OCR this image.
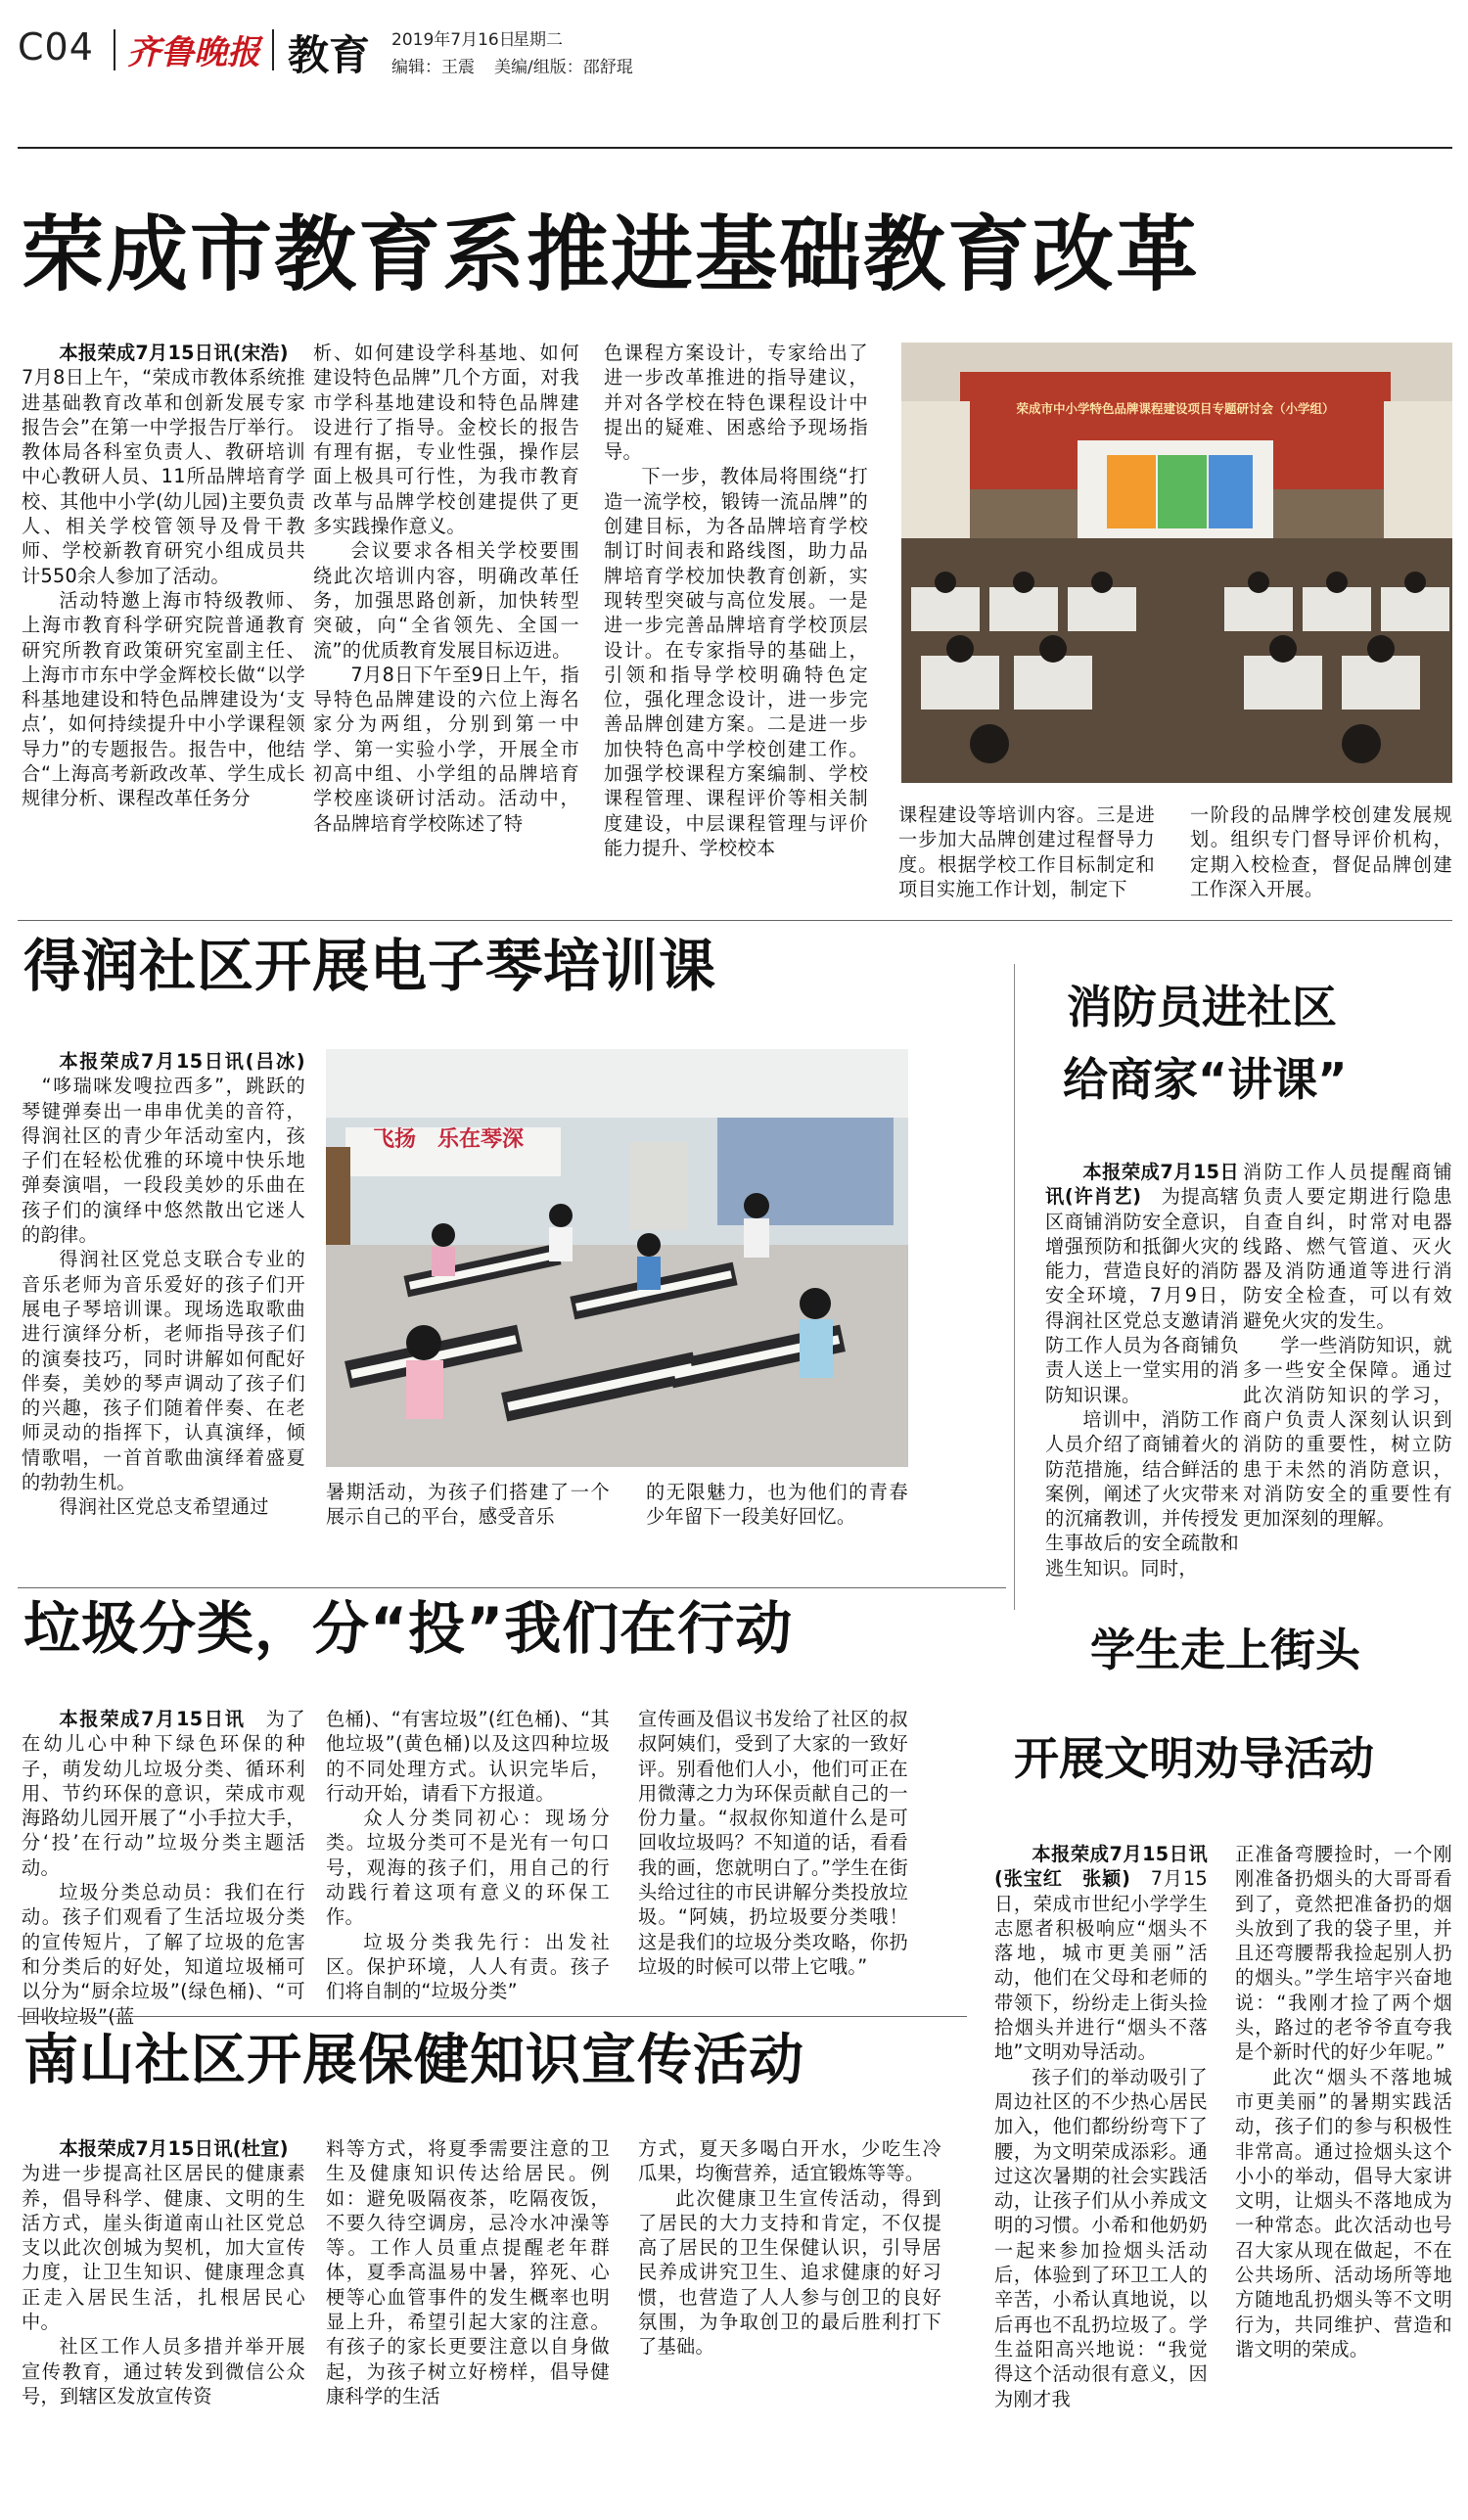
C04 齐鲁晚报 教育 2019年7月16日
星期二
编辑：王震 美编/组版：邵舒琨
荣成市教育系推进基础教育改革

本报荣成7月15日讯(宋浩)　7月8日上午，“荣成市教体系统推进基础教育改革和创新发展专家报告会”在第一中学报告厅举行。教体局各科室负责人、教研培训中心教研人员、11所品牌培育学校、其他中小学(幼儿园)主要负责人、相关学校管领导及骨干教师、学校新教育研究小组成员共计550余人参加了活动。

活动特邀上海市特级教师、上海市教育科学研究院普通教育研究所教育政策研究室副主任、上海市市东中学金辉校长做“以学科基地建设和特色品牌建设为‘支点’，如何持续提升中小学课程领导力”的专题报告。报告中，他结合“上海高考新政改革、学生成长规律分析、课程改革任务分

析、如何建设学科基地、如何建设特色品牌”几个方面，对我市学科基地建设和特色品牌建设进行了指导。金校长的报告有理有据，专业性强，操作层面上极具可行性，为我市教育改革与品牌学校创建提供了更多实践操作意义。

会议要求各相关学校要围绕此次培训内容，明确改革任务，加强思路创新，加快转型突破，向“全省领先、全国一流”的优质教育发展目标迈进。

7月8日下午至9日上午，指导特色品牌建设的六位上海名家分为两组，分别到第一中学、第一实验小学，开展全市初高中组、小学组的品牌培育学校座谈研讨活动。活动中，各品牌培育学校陈述了特

色课程方案设计，专家给出了进一步改革推进的指导建议，并对各学校在特色课程设计中提出的疑难、困惑给予现场指导。

下一步，教体局将围绕“打造一流学校，锻铸一流品牌”的创建目标，为各品牌培育学校制订时间表和路线图，助力品牌培育学校加快教育创新，实现转型突破与高位发展。一是进一步完善品牌培育学校顶层设计。在专家指导的基础上，引领和指导学校明确特色定位，强化理念设计，进一步完善品牌创建方案。二是进一步加快特色高中学校创建工作。加强学校课程方案编制、学校课程管理、课程评价等相关制度建设，中层课程管理与评价能力提升、学校校本

课程建设等培训内容。三是进一步加大品牌创建过程督导力度。根据学校工作目标制定和项目实施工作计划，制定下

一阶段的品牌学校创建发展规划。组织专门督导评价机构，定期入校检查，督促品牌创建工作深入开展。

荣成市中小学特色品牌课程建设项目专题研讨会（小学组）
得润社区开展电子琴培训课

本报荣成7月15日讯(吕冰)　“哆瑞咪发嗖拉西多”，跳跃的琴键弹奏出一串串优美的音符，得润社区的青少年活动室内，孩子们在轻松优雅的环境中快乐地弹奏演唱，一段段美妙的乐曲在孩子们的演绎中悠然散出它迷人的韵律。

得润社区党总支联合专业的音乐老师为音乐爱好的孩子们开展电子琴培训课。现场选取歌曲进行演绎分析，老师指导孩子们的演奏技巧，同时讲解如何配好伴奏，美妙的琴声调动了孩子们的兴趣，孩子们随着伴奏、在老师灵动的指挥下，认真演绎，倾情歌唱，一首首歌曲演绎着盛夏的勃勃生机。

得润社区党总支希望通过

飞扬　乐在琴深

暑期活动，为孩子们搭建了一个展示自己的平台，感受音乐

的无限魅力，也为他们的青春少年留下一段美好回忆。

消防员进社区
给商家“讲课”

本报荣成7月15日讯(许肖艺)　为提高辖区商铺消防安全意识，增强预防和抵御火灾的能力，营造良好的消防安全环境，7月9日，得润社区党总支邀请消防工作人员为各商铺负责人送上一堂实用的消防知识课。

培训中，消防工作人员介绍了商铺着火的防范措施，结合鲜活的案例，阐述了火灾带来的沉痛教训，并传授发生事故后的安全疏散和逃生知识。同时，

消防工作人员提醒商铺负责人要定期进行隐患自查自纠，时常对电器线路、燃气管道、灭火器及消防通道等进行消防安全检查，可以有效避免火灾的发生。

学一些消防知识，就多一些安全保障。通过此次消防知识的学习，商户负责人深刻认识到消防的重要性，树立防患于未然的消防意识，对消防安全的重要性有更加深刻的理解。

垃圾分类，分“投”我们在行动

本报荣成7月15日讯　为了在幼儿心中种下绿色环保的种子，萌发幼儿垃圾分类、循环利用、节约环保的意识，荣成市观海路幼儿园开展了“小手拉大手，分‘投’在行动”垃圾分类主题活动。

垃圾分类总动员：我们在行动。孩子们观看了生活垃圾分类的宣传短片，了解了垃圾的危害和分类后的好处，知道垃圾桶可以分为“厨余垃圾”(绿色桶)、“可回收垃圾”(蓝

色桶)、“有害垃圾”(红色桶)、“其他垃圾”(黄色桶)以及这四种垃圾的不同处理方式。认识完毕后，行动开始，请看下方报道。

众人分类同初心：现场分类。垃圾分类可不是光有一句口号，观海的孩子们，用自己的行动践行着这项有意义的环保工作。

垃圾分类我先行：出发社区。保护环境，人人有责。孩子们将自制的“垃圾分类”

宣传画及倡议书发给了社区的叔叔阿姨们，受到了大家的一致好评。别看他们人小，他们可正在用微薄之力为环保贡献自己的一份力量。“叔叔你知道什么是可回收垃圾吗？不知道的话，看看我的画，您就明白了。”学生在街头给过往的市民讲解分类投放垃圾。“阿姨，扔垃圾要分类哦！这是我们的垃圾分类攻略，你扔垃圾的时候可以带上它哦。”

学生走上街头
开展文明劝导活动

本报荣成7月15日讯(张宝红　张颖)　7月15日，荣成市世纪小学学生志愿者积极响应“烟头不落地，城市更美丽”活动，他们在父母和老师的带领下，纷纷走上街头捡拾烟头并进行“烟头不落地”文明劝导活动。

孩子们的举动吸引了周边社区的不少热心居民加入，他们都纷纷弯下了腰，为文明荣成添彩。通过这次暑期的社会实践活动，让孩子们从小养成文明的习惯。小希和他奶奶一起来参加捡烟头活动后，体验到了环卫工人的辛苦，小希认真地说，以后再也不乱扔垃圾了。学生益阳高兴地说：“我觉得这个活动很有意义，因为刚才我

正准备弯腰捡时，一个刚刚准备扔烟头的大哥哥看到了，竟然把准备扔的烟头放到了我的袋子里，并且还弯腰帮我捡起别人扔的烟头。”学生培宇兴奋地说：“我刚才捡了两个烟头，路过的老爷爷直夸我是个新时代的好少年呢。”

此次“烟头不落地城市更美丽”的暑期实践活动，孩子们的参与积极性非常高。通过捡烟头这个小小的举动，倡导大家讲文明，让烟头不落地成为一种常态。此次活动也号召大家从现在做起，不在公共场所、活动场所等地方随地乱扔烟头等不文明行为，共同维护、营造和谐文明的荣成。

南山社区开展保健知识宣传活动

本报荣成7月15日讯(杜宣)　为进一步提高社区居民的健康素养，倡导科学、健康、文明的生活方式，崖头街道南山社区党总支以此次创城为契机，加大宣传力度，让卫生知识、健康理念真正走入居民生活，扎根居民心中。

社区工作人员多措并举开展宣传教育，通过转发到微信公众号，到辖区发放宣传资

料等方式，将夏季需要注意的卫生及健康知识传达给居民。例如：避免吸隔夜茶，吃隔夜饭，不要久待空调房，忌冷水冲澡等等。工作人员重点提醒老年群体，夏季高温易中暑，猝死、心梗等心血管事件的发生概率也明显上升，希望引起大家的注意。有孩子的家长更要注意以自身做起，为孩子树立好榜样，倡导健康科学的生活

方式，夏天多喝白开水，少吃生冷瓜果，均衡营养，适宜锻炼等等。

此次健康卫生宣传活动，得到了居民的大力支持和肯定，不仅提高了居民的卫生保健认识，引导居民养成讲究卫生、追求健康的好习惯，也营造了人人参与创卫的良好氛围，为争取创卫的最后胜利打下了基础。
